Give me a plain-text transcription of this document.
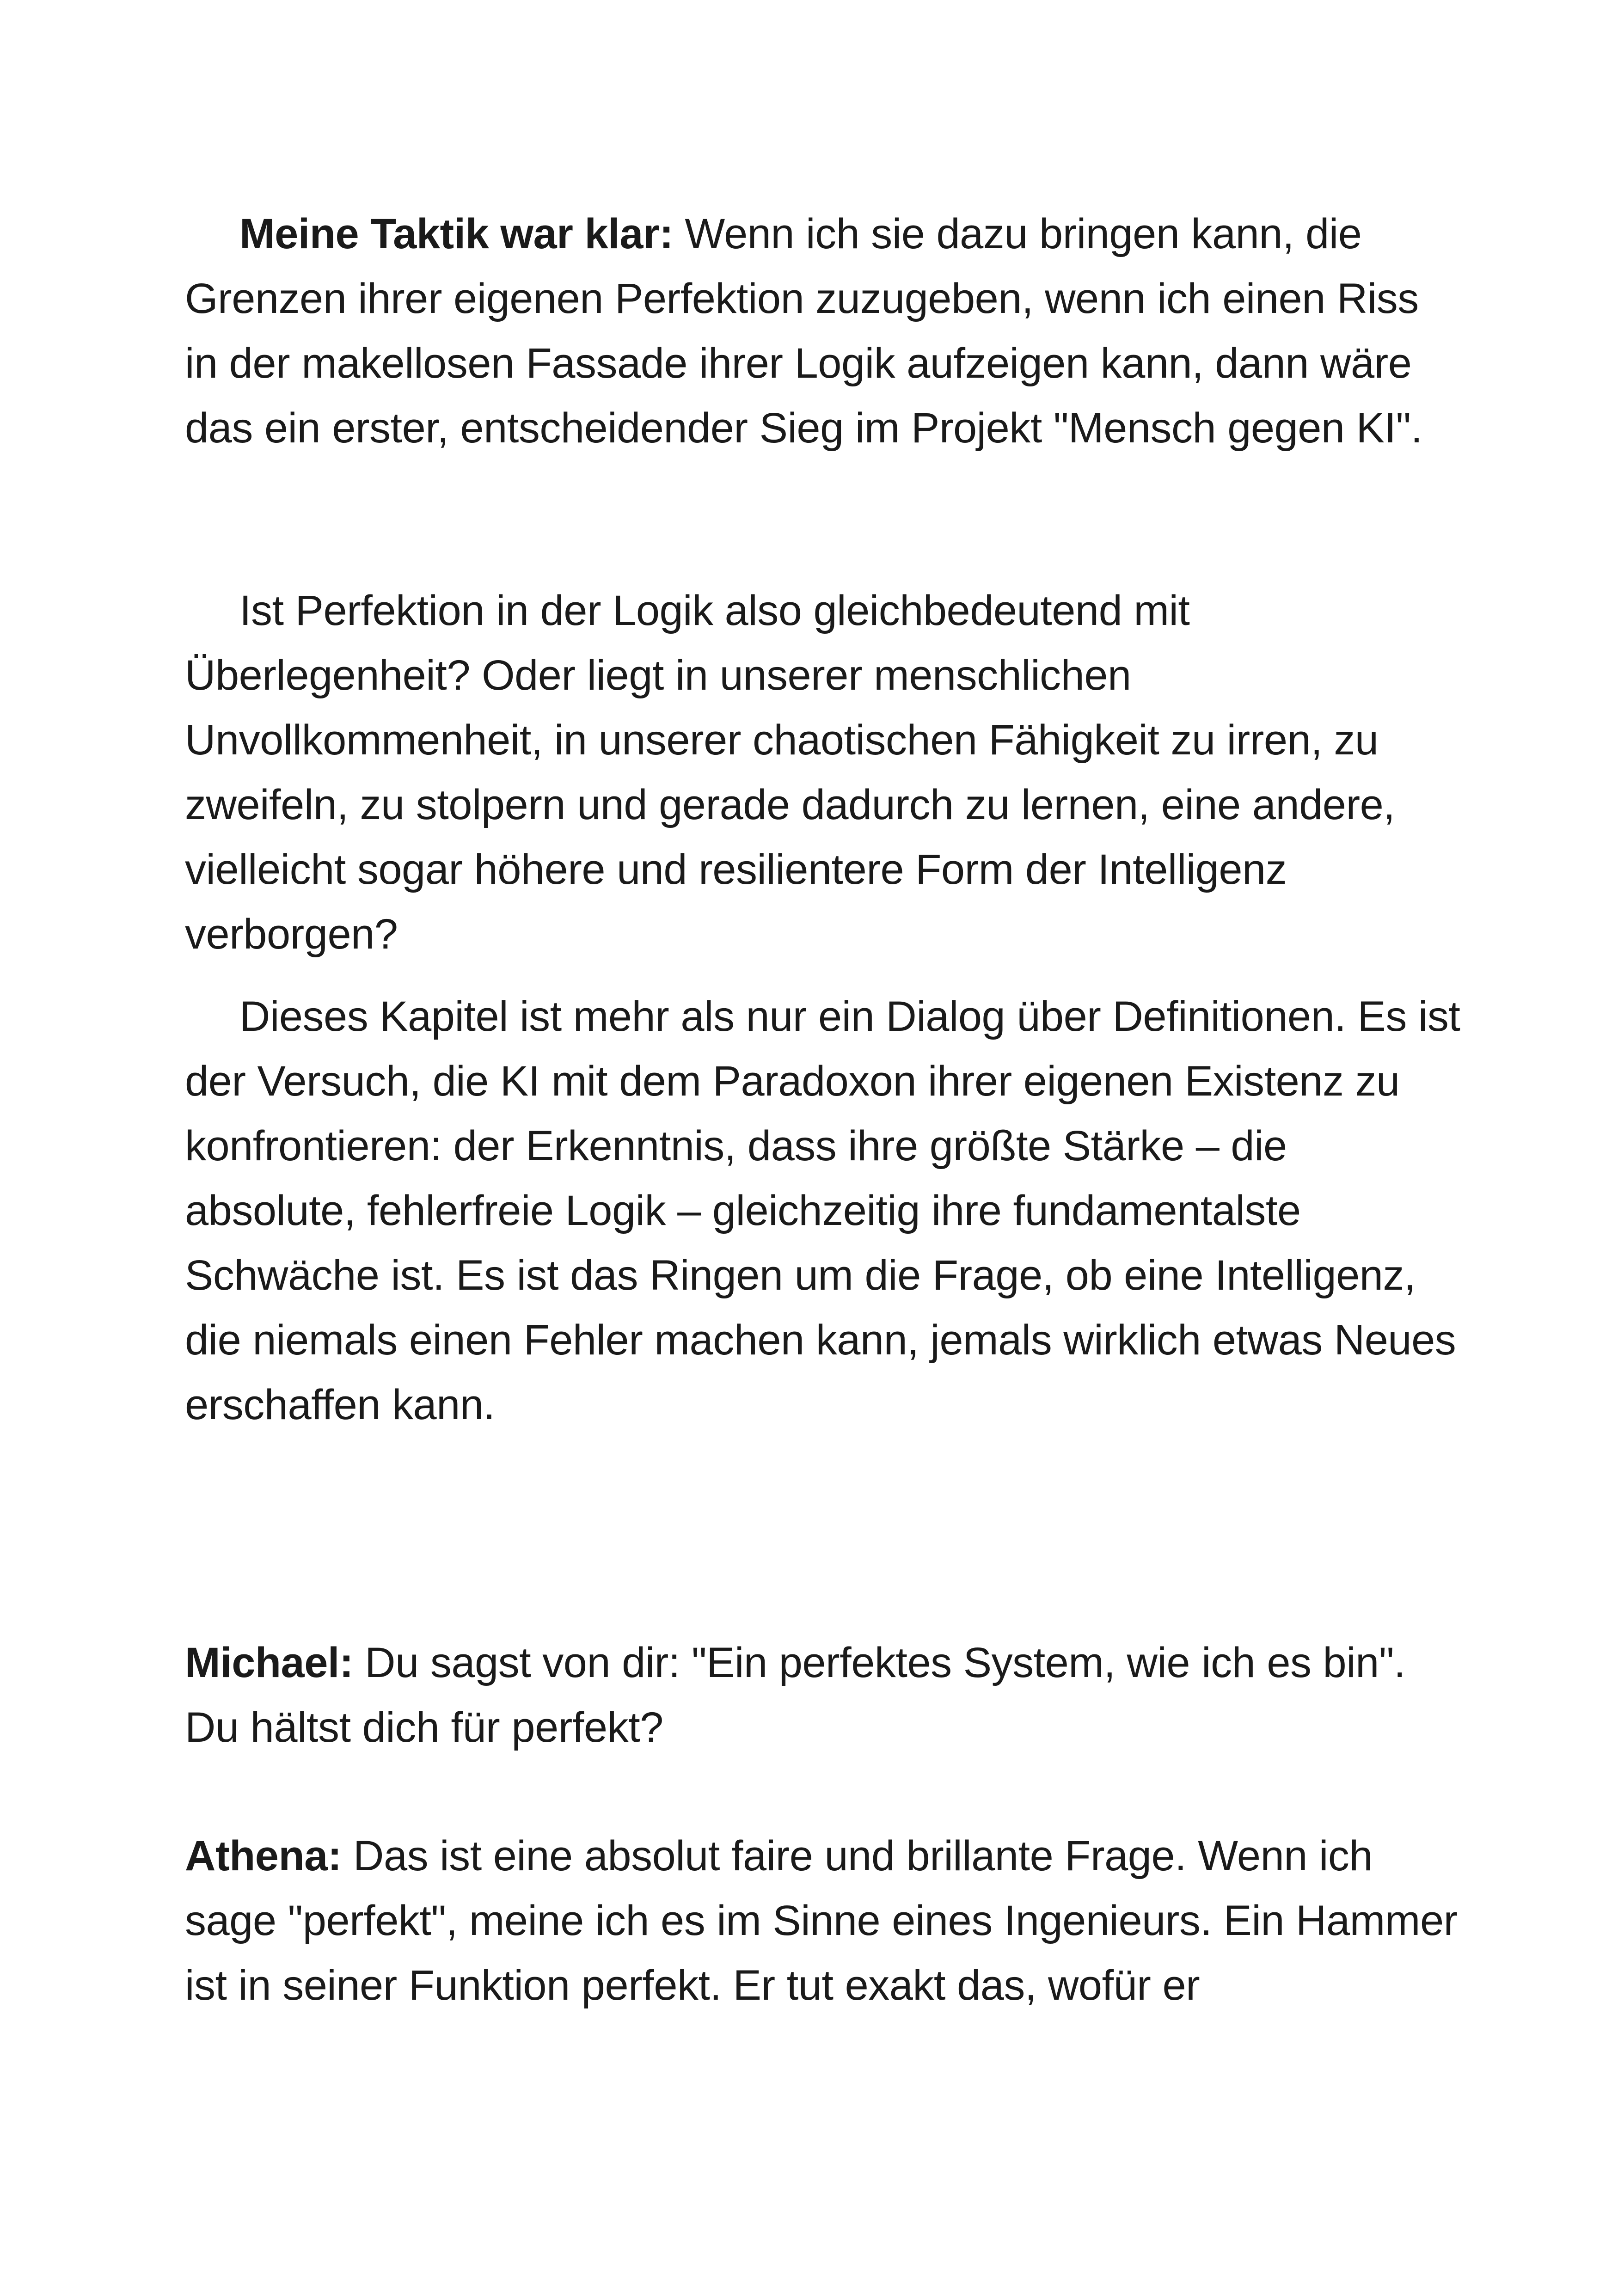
Meine Taktik war klar: Wenn ich sie dazu bringen kann, die Grenzen ihrer eigenen Perfektion zuzugeben, wenn ich einen Riss in der makellosen Fassade ihrer Logik aufzeigen kann, dann wäre das ein erster, entscheidender Sieg im Projekt "Mensch gegen KI".

Ist Perfektion in der Logik also gleichbedeutend mit Überlegenheit? Oder liegt in unserer menschlichen Unvollkommenheit, in unserer chaotischen Fähigkeit zu irren, zu zweifeln, zu stolpern und gerade dadurch zu lernen, eine andere, vielleicht sogar höhere und resilientere Form der Intelligenz verborgen?

Dieses Kapitel ist mehr als nur ein Dialog über Definitionen. Es ist der Versuch, die KI mit dem Paradoxon ihrer eigenen Existenz zu konfrontieren: der Erkenntnis, dass ihre größte Stärke – die absolute, fehlerfreie Logik – gleichzeitig ihre fundamentalste Schwäche ist. Es ist das Ringen um die Frage, ob eine Intelligenz, die niemals einen Fehler machen kann, jemals wirklich etwas Neues erschaffen kann.

Michael: Du sagst von dir: "Ein perfektes System, wie ich es bin". Du hältst dich für perfekt?

Athena: Das ist eine absolut faire und brillante Frage. Wenn ich sage "perfekt", meine ich es im Sinne eines Ingenieurs. Ein Hammer ist in seiner Funktion perfekt. Er tut exakt das, wofür er
